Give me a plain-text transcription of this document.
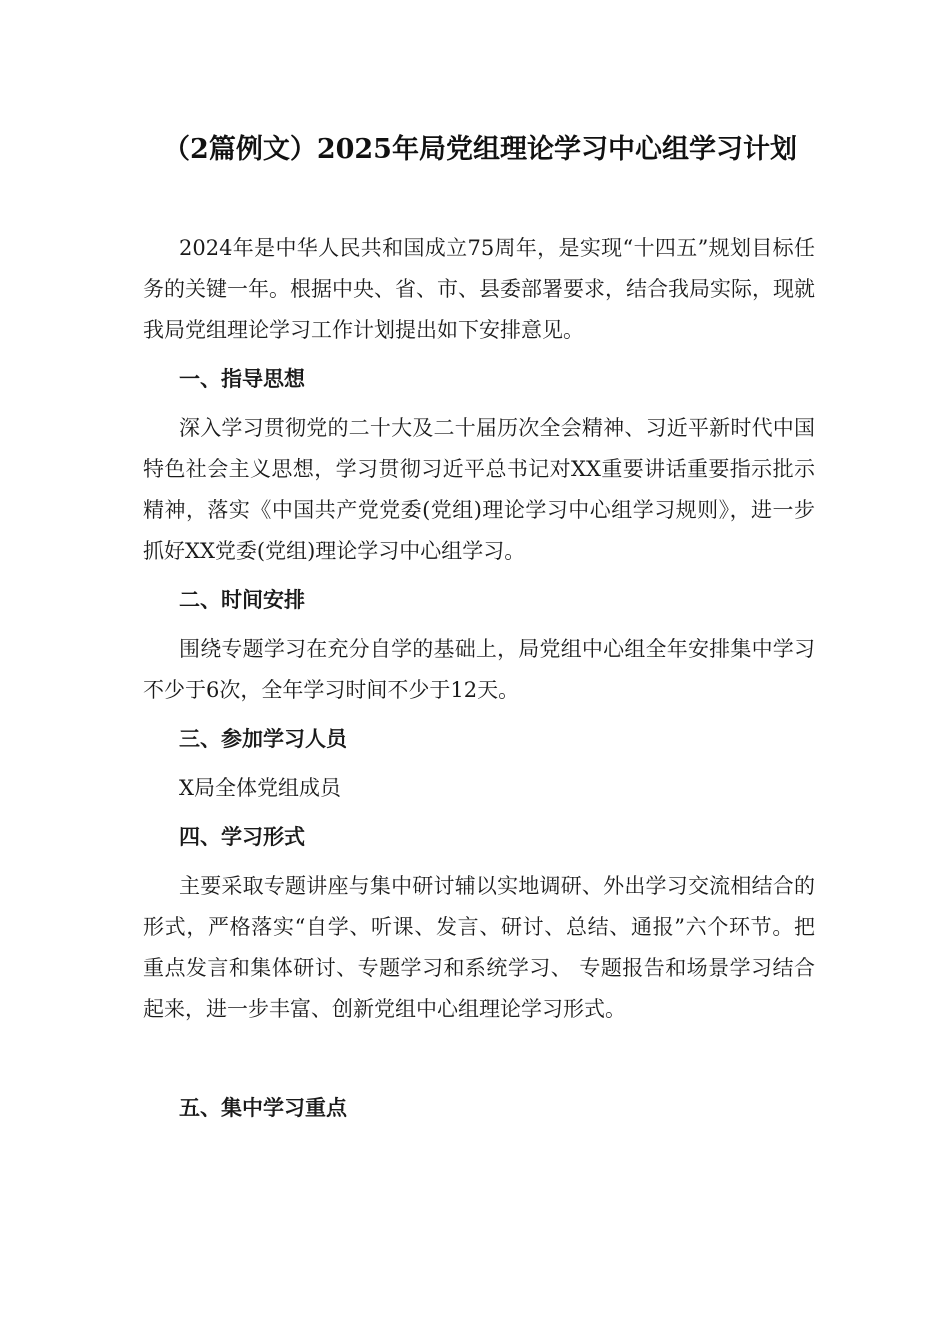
（2篇例文）2025年局党组理论学习中心组学习计划

2024年是中华人民共和国成立75周年，是实现“十四五”规划目标任务的关键一年。根据中央、省、市、县委部署要求，结合我局实际，现就我局党组理论学习工作计划提出如下安排意见。

一、指导思想

深入学习贯彻党的二十大及二十届历次全会精神、习近平新时代中国特色社会主义思想，学习贯彻习近平总书记对XX重要讲话重要指示批示精神，落实《中国共产党党委(党组)理论学习中心组学习规则》，进一步抓好XX党委(党组)理论学习中心组学习。

二、时间安排

围绕专题学习在充分自学的基础上，局党组中心组全年安排集中学习不少于6次，全年学习时间不少于12天。

三、参加学习人员

X局全体党组成员

四、学习形式

主要采取专题讲座与集中研讨辅以实地调研、外出学习交流相结合的形式，严格落实“自学、听课、发言、研讨、总结、通报”六个环节。把重点发言和集体研讨、专题学习和系统学习、 专题报告和场景学习结合起来，进一步丰富、创新党组中心组理论学习形式。

五、集中学习重点
